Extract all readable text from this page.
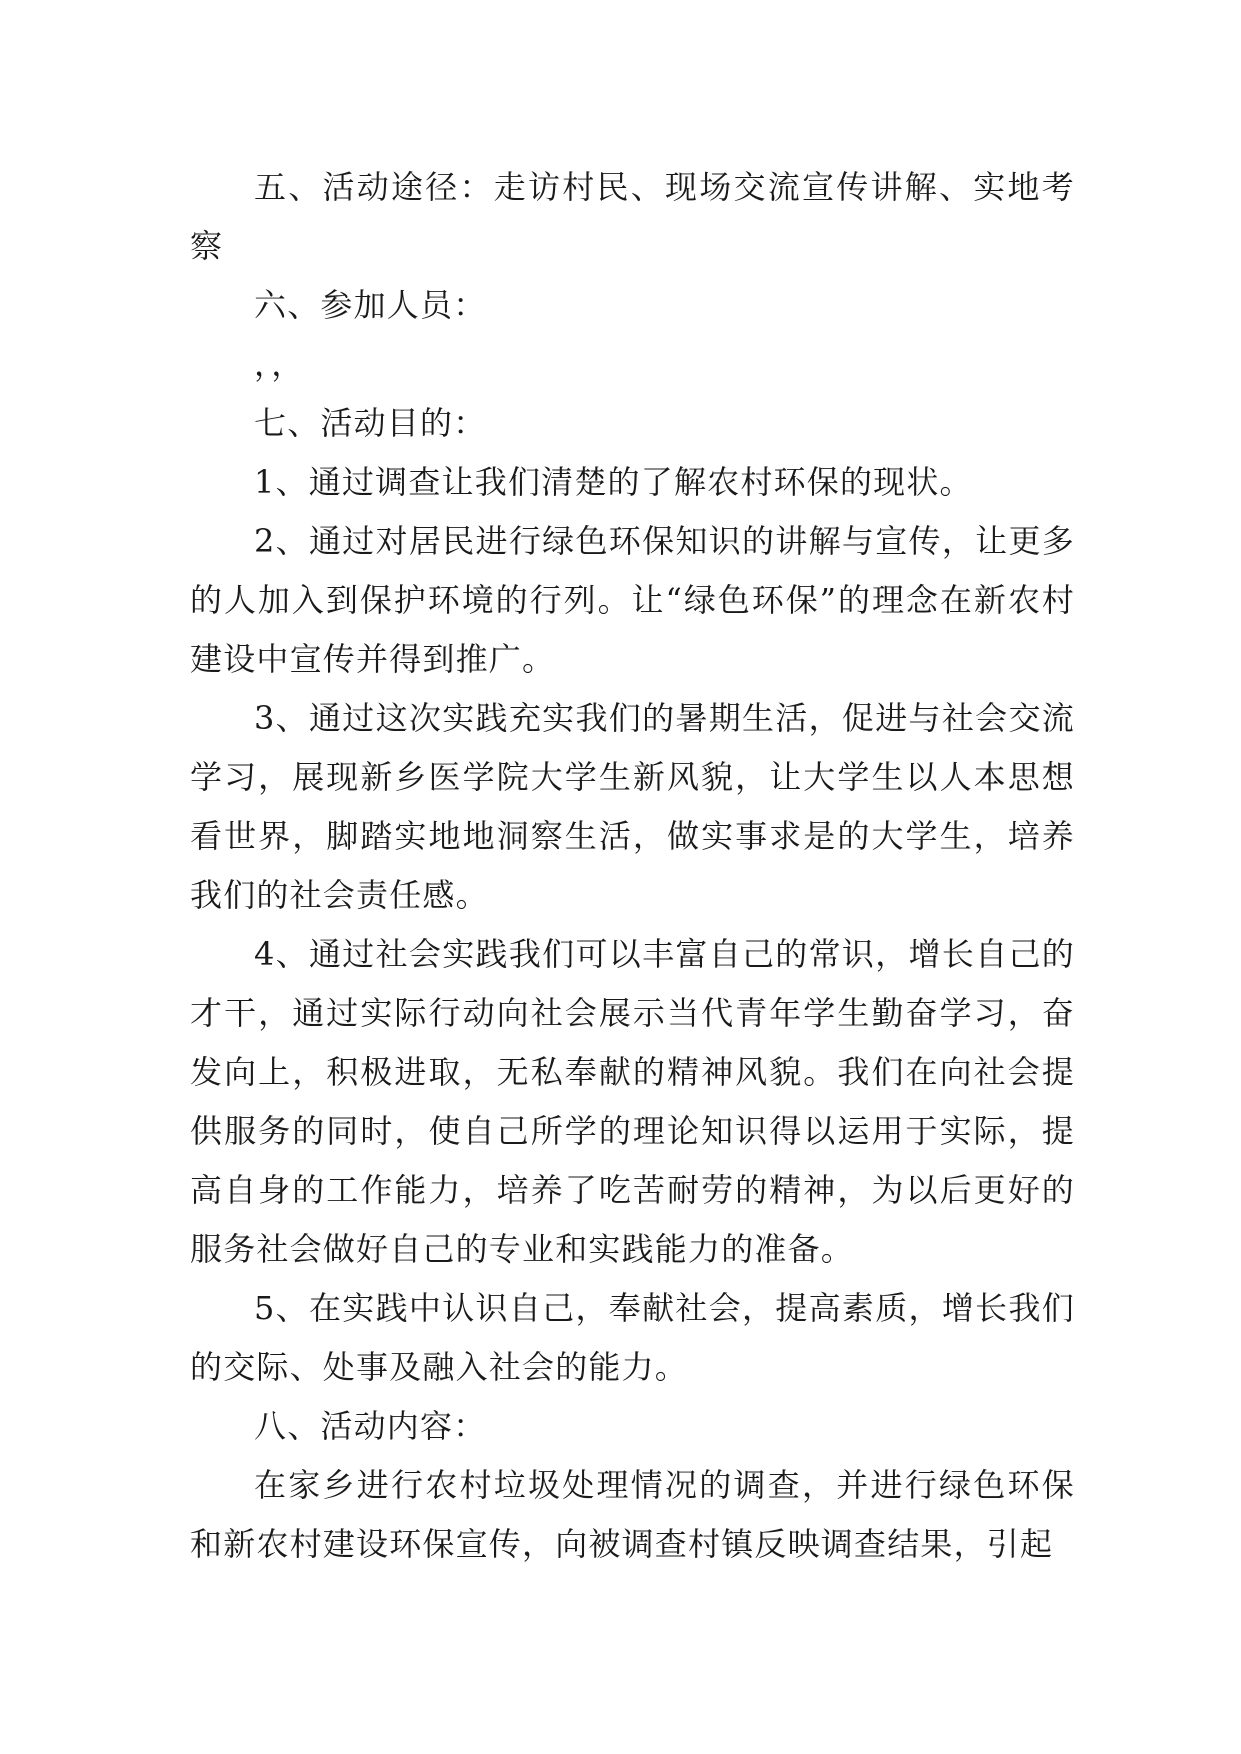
五、活动途径：走访村民、现场交流宣传讲解、实地考察

六、参加人员：

，，

七、活动目的：

1、通过调查让我们清楚的了解农村环保的现状。

2、通过对居民进行绿色环保知识的讲解与宣传，让更多的人加入到保护环境的行列。让“绿色环保”的理念在新农村建设中宣传并得到推广。

3、通过这次实践充实我们的暑期生活，促进与社会交流学习，展现新乡医学院大学生新风貌，让大学生以人本思想看世界，脚踏实地地洞察生活，做实事求是的大学生，培养我们的社会责任感。

4、通过社会实践我们可以丰富自己的常识，增长自己的才干，通过实际行动向社会展示当代青年学生勤奋学习，奋发向上，积极进取，无私奉献的精神风貌。我们在向社会提供服务的同时，使自己所学的理论知识得以运用于实际，提高自身的工作能力，培养了吃苦耐劳的精神，为以后更好的服务社会做好自己的专业和实践能力的准备。

5、在实践中认识自己，奉献社会，提高素质，增长我们的交际、处事及融入社会的能力。

八、活动内容：

在家乡进行农村垃圾处理情况的调查，并进行绿色环保和新农村建设环保宣传，向被调查村镇反映调查结果，引起
